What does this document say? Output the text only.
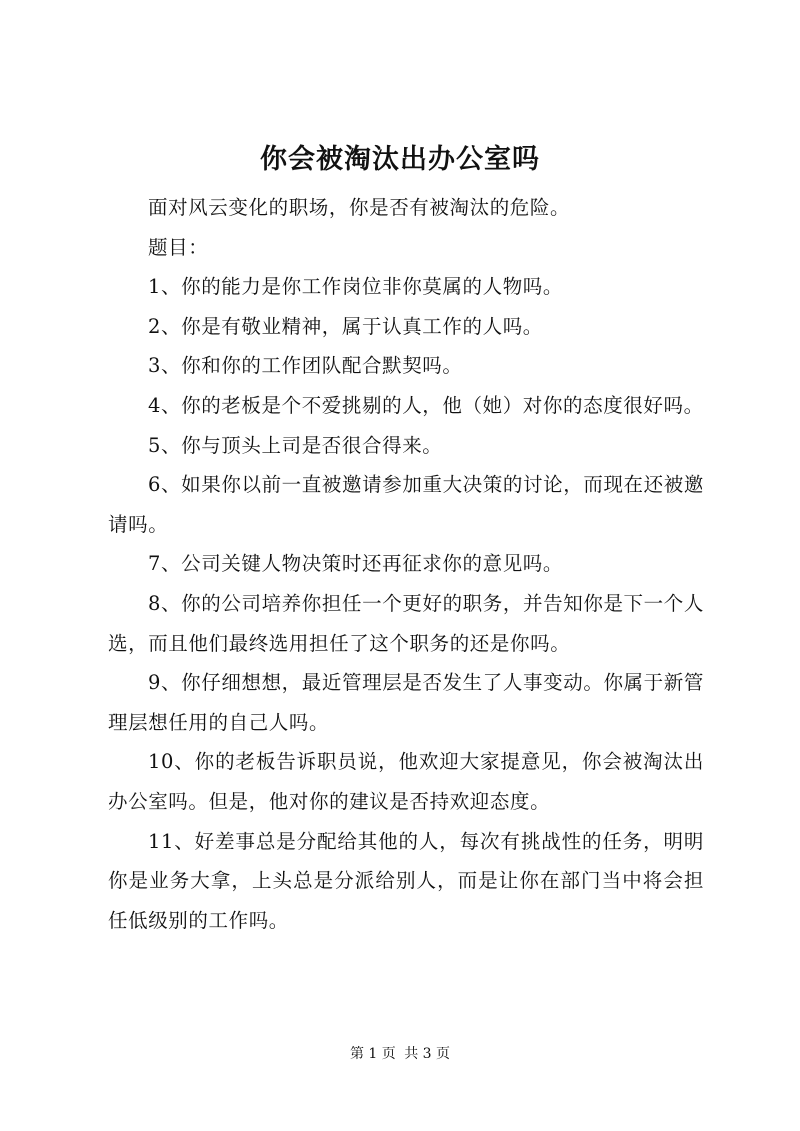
你会被淘汰出办公室吗

面对风云变化的职场，你是否有被淘汰的危险。

题目：

1、你的能力是你工作岗位非你莫属的人物吗。

2、你是有敬业精神，属于认真工作的人吗。

3、你和你的工作团队配合默契吗。

4、你的老板是个不爱挑剔的人，他（她）对你的态度很好吗。

5、你与顶头上司是否很合得来。

6、如果你以前一直被邀请参加重大决策的讨论，而现在还被邀请吗。

7、公司关键人物决策时还再征求你的意见吗。

8、你的公司培养你担任一个更好的职务，并告知你是下一个人选，而且他们最终选用担任了这个职务的还是你吗。

9、你仔细想想，最近管理层是否发生了人事变动。你属于新管理层想任用的自己人吗。

10、你的老板告诉职员说，他欢迎大家提意见，你会被淘汰出办公室吗。但是，他对你的建议是否持欢迎态度。

11、好差事总是分配给其他的人，每次有挑战性的任务，明明你是业务大拿，上头总是分派给别人，而是让你在部门当中将会担任低级别的工作吗。

第 1 页 共 3 页
